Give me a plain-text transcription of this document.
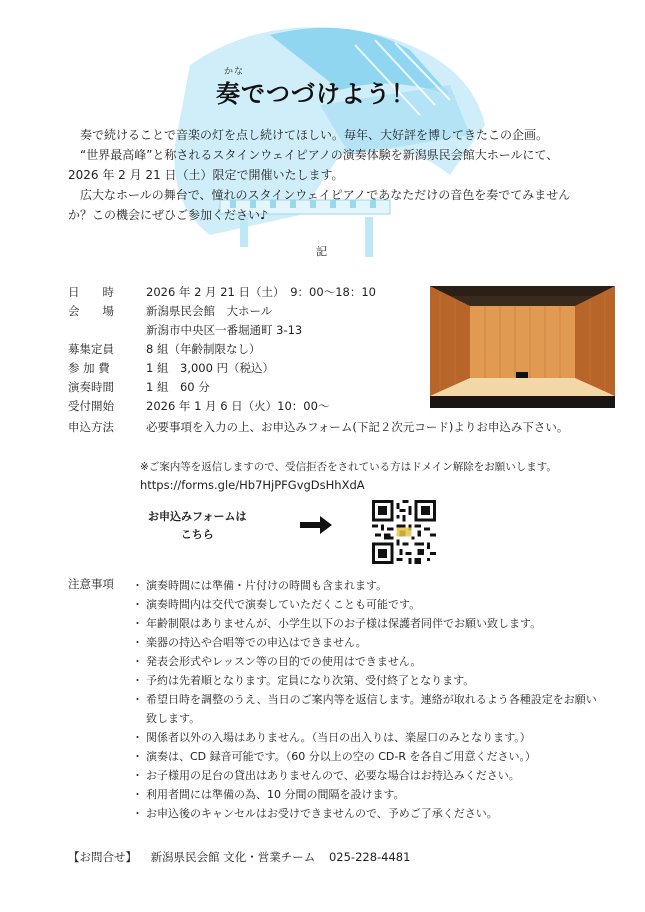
かな
奏でつづけよう！

　奏で続けることで音楽の灯を点し続けてほしい。毎年、大好評を博してきたこの企画。

　“世界最高峰”と称されるスタインウェイピアノの演奏体験を新潟県民会館大ホールにて、2026 年 2 月 21 日（土）限定で開催いたします。

　広大なホールの舞台で、憧れのスタインウェイピアノであなただけの音色を奏でてみませんか？この機会にぜひご参加ください♪

記
日　　時	2026 年 2 月 21 日（土）　9：00～18：10
会　　場	新潟県民会館　大ホール
新潟市中央区一番堀通町 3-13
募集定員	8 組（年齢制限なし）
参 加 費	1 組　3,000 円（税込）
演奏時間	1 組　60 分
受付開始	2026 年 1 月 6 日（火）10：00～
申込方法	必要事項を入力の上、お申込みフォーム(下記２次元コード)よりお申込み下さい。
※ご案内等を返信しますので、受信拒否をされている方はドメイン解除をお願いします。
https://forms.gle/Hb7HjPFGvgDsHhXdA
お申込みフォームは
こちら
注意事項 ・ 演奏時間には準備・片付けの時間も含まれます。
・ 演奏時間内は交代で演奏していただくことも可能です。
・ 年齢制限はありませんが、小学生以下のお子様は保護者同伴でお願い致します。
・ 楽器の持込や合唱等での申込はできません。
・ 発表会形式やレッスン等の目的での使用はできません。
・ 予約は先着順となります。定員になり次第、受付終了となります。
・ 希望日時を調整のうえ、当日のご案内等を返信します。連絡が取れるよう各種設定をお願い致します。
・ 関係者以外の入場はありません。（当日の出入りは、楽屋口のみとなります。）
・ 演奏は、CD 録音可能です。（60 分以上の空の CD-R を各自ご用意ください。）
・ お子様用の足台の貸出はありませんので、必要な場合はお持込みください。
・ 利用者間には準備の為、10 分間の間隔を設けます。
・ お申込後のキャンセルはお受けできませんので、予めご了承ください。
【お問合せ】 新潟県民会館 文化・営業チーム 025-228-4481
